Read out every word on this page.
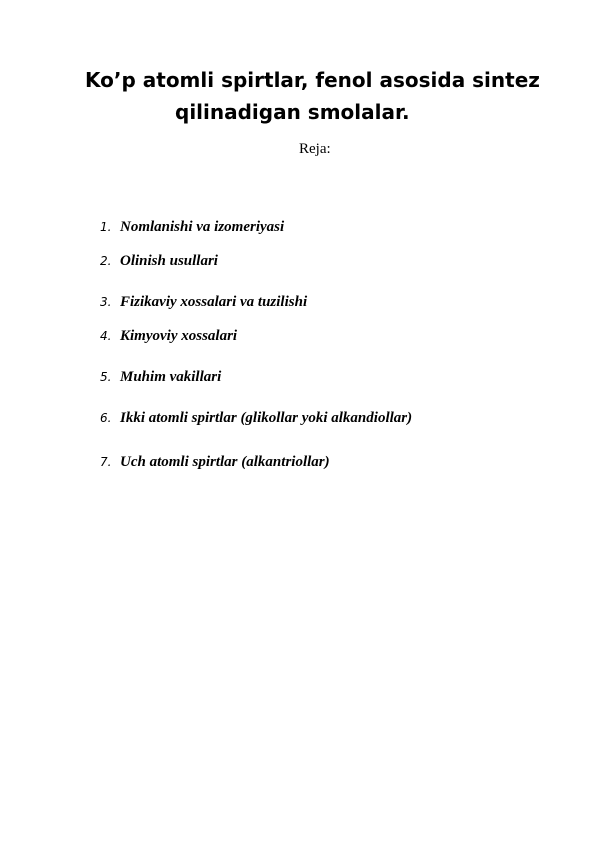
Ko’p atomli spirtlar, fenol asosida sintez
qilinadigan smolalar.
Reja:
1. Nomlanishi va izomeriyasi
2. Olinish usullari
3. Fizikaviy xossalari va tuzilishi
4. Kimyoviy xossalari
5. Muhim vakillari
6. Ikki atomli spirtlar (glikollar yoki alkandiollar)
7. Uch atomli spirtlar (alkantriollar)
